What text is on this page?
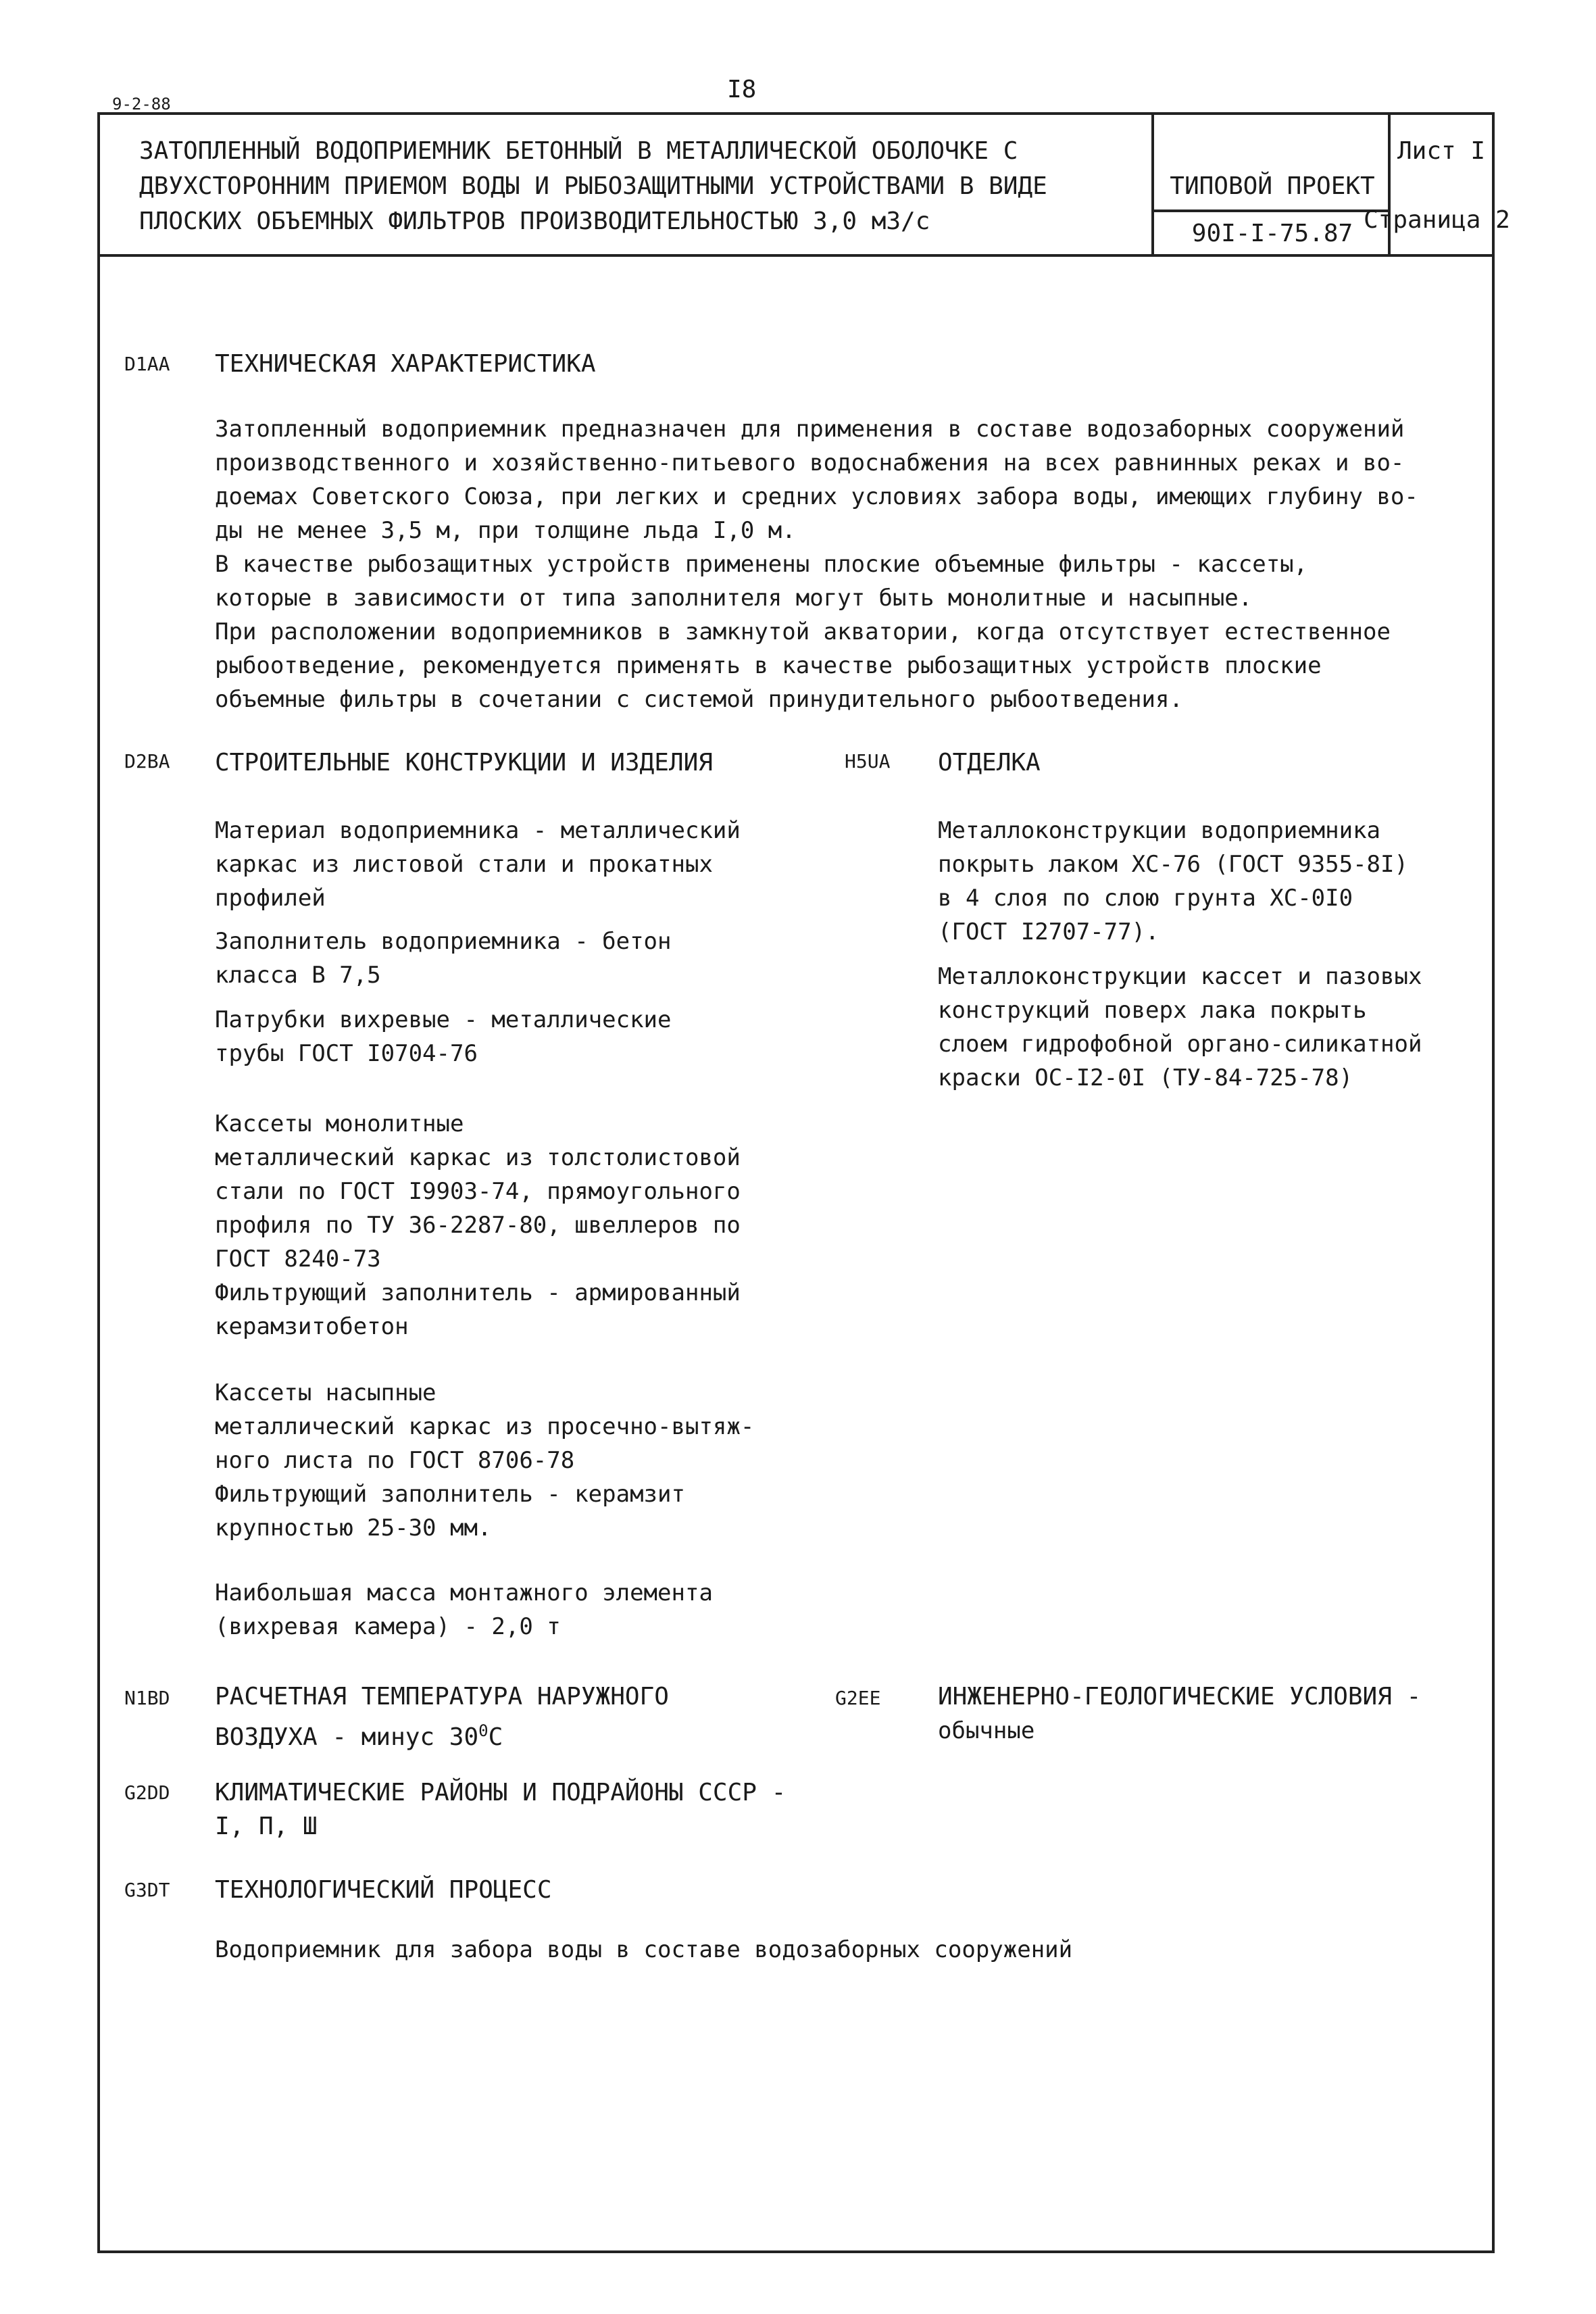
9-2-88
I8
ЗАТОПЛЕННЫЙ ВОДОПРИЕМНИК БЕТОННЫЙ В МЕТАЛЛИЧЕСКОЙ ОБОЛОЧКЕ С
ДВУХСТОРОННИМ ПРИЕМОМ ВОДЫ И РЫБОЗАЩИТНЫМИ УСТРОЙСТВАМИ В ВИДЕ
ПЛОСКИХ ОБЪЕМНЫХ ФИЛЬТРОВ ПРОИЗВОДИТЕЛЬНОСТЬЮ 3,0 м3/с
ТИПОВОЙ ПРОЕКТ
90I-I-75.87
Лист I
Страница 2
D1AA ТЕХНИЧЕСКАЯ ХАРАКТЕРИСТИКА
Затопленный водоприемник предназначен для применения в составе водозаборных сооружений
производственного и хозяйственно-питьевого водоснабжения на всех равнинных реках и во-
доемах Советского Союза, при легких и средних условиях забора воды, имеющих глубину во-
ды не менее 3,5 м, при толщине льда I,0 м.
В качестве рыбозащитных устройств применены плоские объемные фильтры - кассеты,
которые в зависимости от типа заполнителя могут быть монолитные и насыпные.
При расположении водоприемников в замкнутой акватории, когда отсутствует естественное
рыбоотведение, рекомендуется применять в качестве рыбозащитных устройств плоские
объемные фильтры в сочетании с системой принудительного рыбоотведения.
D2BA СТРОИТЕЛЬНЫЕ КОНСТРУКЦИИ И ИЗДЕЛИЯ
Материал водоприемника - металлический
каркас из листовой стали и прокатных
профилей
Заполнитель водоприемника - бетон
класса В 7,5
Патрубки вихревые - металлические
трубы ГОСТ I0704-76
Кассеты монолитные
металлический каркас из толстолистовой
стали по ГОСТ I9903-74, прямоугольного
профиля по ТУ 36-2287-80, швеллеров по
ГОСТ 8240-73
Фильтрующий заполнитель - армированный
керамзитобетон
Кассеты насыпные
металлический каркас из просечно-вытяж-
ного листа по ГОСТ 8706-78
Фильтрующий заполнитель - керамзит
крупностью 25-30 мм.
Наибольшая масса монтажного элемента
(вихревая камера) - 2,0 т
H5UA ОТДЕЛКА
Металлоконструкции водоприемника
покрыть лаком ХС-76 (ГОСТ 9355-8I)
в 4 слоя по слою грунта ХС-0I0
(ГОСТ I2707-77).
Металлоконструкции кассет и пазовых
конструкций поверх лака покрыть
слоем гидрофобной органо-силикатной
краски ОС-I2-0I (ТУ-84-725-78)
N1BD РАСЧЕТНАЯ ТЕМПЕРАТУРА НАРУЖНОГО
ВОЗДУХА - минус $30^0С$
G2EE ИНЖЕНЕРНО-ГЕОЛОГИЧЕСКИЕ УСЛОВИЯ -
обычные
G2DD КЛИМАТИЧЕСКИЕ РАЙОНЫ И ПОДРАЙОНЫ СССР -
I, П, Ш
G3DT ТЕХНОЛОГИЧЕСКИЙ ПРОЦЕСС
Водоприемник для забора воды в составе водозаборных сооружений
